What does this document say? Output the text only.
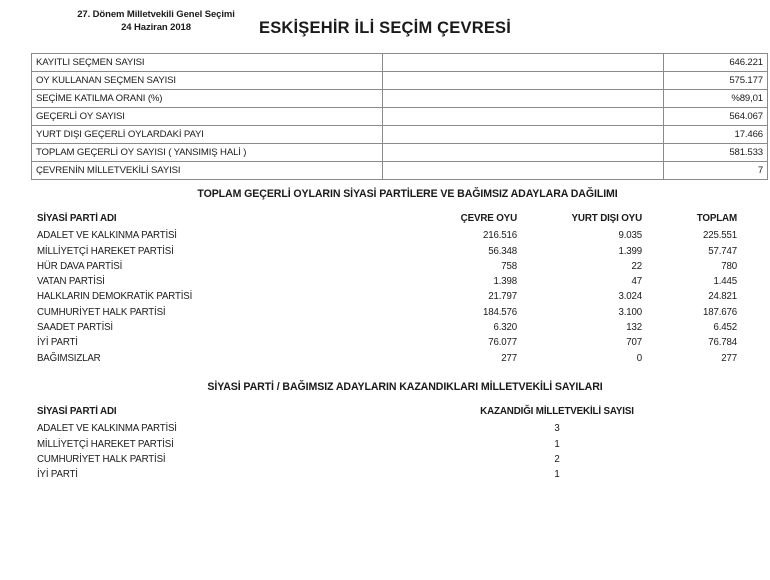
27. Dönem Milletvekili Genel Seçimi
24 Haziran 2018	ESKİŞEHİR İLİ SEÇİM ÇEVRESİ
KAYITLI SEÇMEN SAYISI		646.221
OY KULLANAN SEÇMEN SAYISI		575.177
SEÇİME KATILMA ORANI (%)		%89,01
GEÇERLİ OY SAYISI		564.067
YURT DIŞI GEÇERLİ OYLARDAKİ PAYI		17.466
TOPLAM GEÇERLİ OY SAYISI ( YANSIMIŞ HALİ )		581.533
ÇEVRENİN MİLLETVEKİLİ SAYISI		7
TOPLAM GEÇERLİ OYLARIN SİYASİ PARTİLERE VE BAĞIMSIZ ADAYLARA DAĞILIMI
SİYASİ PARTİ ADI	ÇEVRE OYU	YURT DIŞI OYU	TOPLAM
ADALET VE KALKINMA PARTİSİ	216.516	9.035	225.551
MİLLİYETÇİ HAREKET PARTİSİ	56.348	1.399	57.747
HÜR DAVA PARTİSİ	758	22	780
VATAN PARTİSİ	1.398	47	1.445
HALKLARIN DEMOKRATİK PARTİSİ	21.797	3.024	24.821
CUMHURİYET HALK PARTİSİ	184.576	3.100	187.676
SAADET PARTİSİ	6.320	132	6.452
İYİ PARTİ	76.077	707	76.784
BAĞIMSIZLAR	277	0	277
SİYASİ PARTİ / BAĞIMSIZ ADAYLARIN KAZANDIKLARI MİLLETVEKİLİ SAYILARI
SİYASİ PARTİ ADI	KAZANDIĞI MİLLETVEKİLİ SAYISI
ADALET VE KALKINMA PARTİSİ	3
MİLLİYETÇİ HAREKET PARTİSİ	1
CUMHURİYET HALK PARTİSİ	2
İYİ PARTİ	1
